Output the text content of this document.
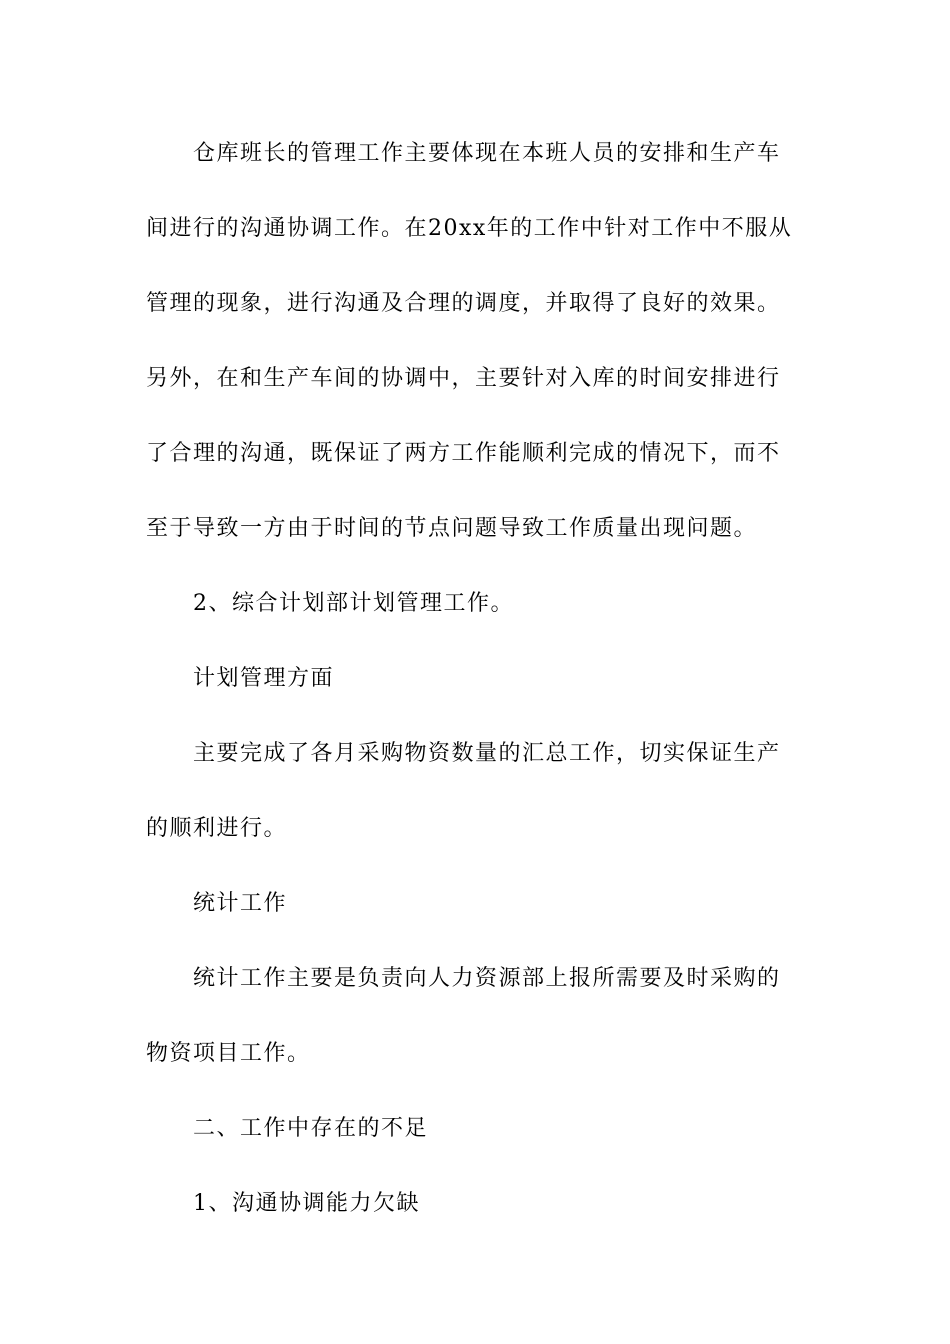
仓库班长的管理工作主要体现在本班人员的安排和生产车
间进行的沟通协调工作。在20xx年的工作中针对工作中不服从
管理的现象，进行沟通及合理的调度，并取得了良好的效果。
另外，在和生产车间的协调中，主要针对入库的时间安排进行
了合理的沟通，既保证了两方工作能顺利完成的情况下，而不
至于导致一方由于时间的节点问题导致工作质量出现问题。

2、综合计划部计划管理工作。

计划管理方面

主要完成了各月采购物资数量的汇总工作，切实保证生产
的顺利进行。

统计工作

统计工作主要是负责向人力资源部上报所需要及时采购的
物资项目工作。

二、工作中存在的不足

1、沟通协调能力欠缺
